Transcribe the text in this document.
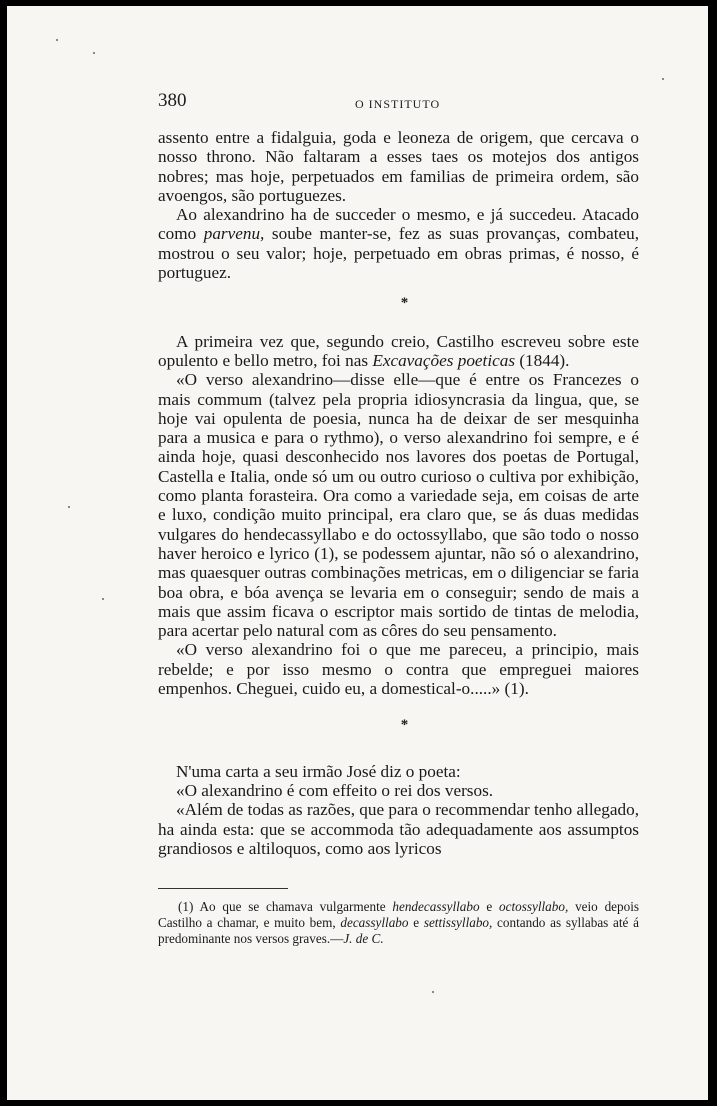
380	O INSTITUTO

assento entre a fidalguia, goda e leoneza de origem, que cercava o nosso throno. Não faltaram a esses taes os motejos dos antigos nobres; mas hoje, perpetuados em familias de primeira ordem, são avoengos, são portuguezes.

Ao alexandrino ha de succeder o mesmo, e já succedeu. Atacado como parvenu, soube manter-se, fez as suas provanças, combateu, mostrou o seu valor; hoje, perpetuado em obras primas, é nosso, é portuguez.

*

A primeira vez que, segundo creio, Castilho escreveu sobre este opulento e bello metro, foi nas Excavações poeticas (1844).

«O verso alexandrino—disse elle—que é entre os Francezes o mais commum (talvez pela propria idiosyncrasia da lingua, que, se hoje vai opulenta de poesia, nunca ha de deixar de ser mesquinha para a musica e para o rythmo), o verso alexandrino foi sempre, e é ainda hoje, quasi desconhecido nos lavores dos poetas de Portugal, Castella e Italia, onde só um ou outro curioso o cultiva por exhibição, como planta forasteira. Ora como a variedade seja, em coisas de arte e luxo, condição muito principal, era claro que, se ás duas medidas vulgares do hendecassyllabo e do octossyllabo, que são todo o nosso haver heroico e lyrico (1), se podessem ajuntar, não só o alexandrino, mas quaesquer outras combinações metricas, em o diligenciar se faria boa obra, e bóa avença se levaria em o conseguir; sendo de mais a mais que assim ficava o escriptor mais sortido de tintas de melodia, para acertar pelo natural com as côres do seu pensamento.

«O verso alexandrino foi o que me pareceu, a principio, mais rebelde; e por isso mesmo o contra que empreguei maiores empenhos. Cheguei, cuido eu, a domestical-o.....» (1).

*

N'uma carta a seu irmão José diz o poeta:

«O alexandrino é com effeito o rei dos versos.

«Além de todas as razões, que para o recommendar tenho allegado, ha ainda esta: que se accommoda tão adequadamente aos assumptos grandiosos e altiloquos, como aos lyricos

(1) Ao que se chamava vulgarmente hendecassyllabo e octossyllabo, veio depois Castilho a chamar, e muito bem, decassyllabo e settissyllabo, contando as syllabas até á predominante nos versos graves.—J. de C.
